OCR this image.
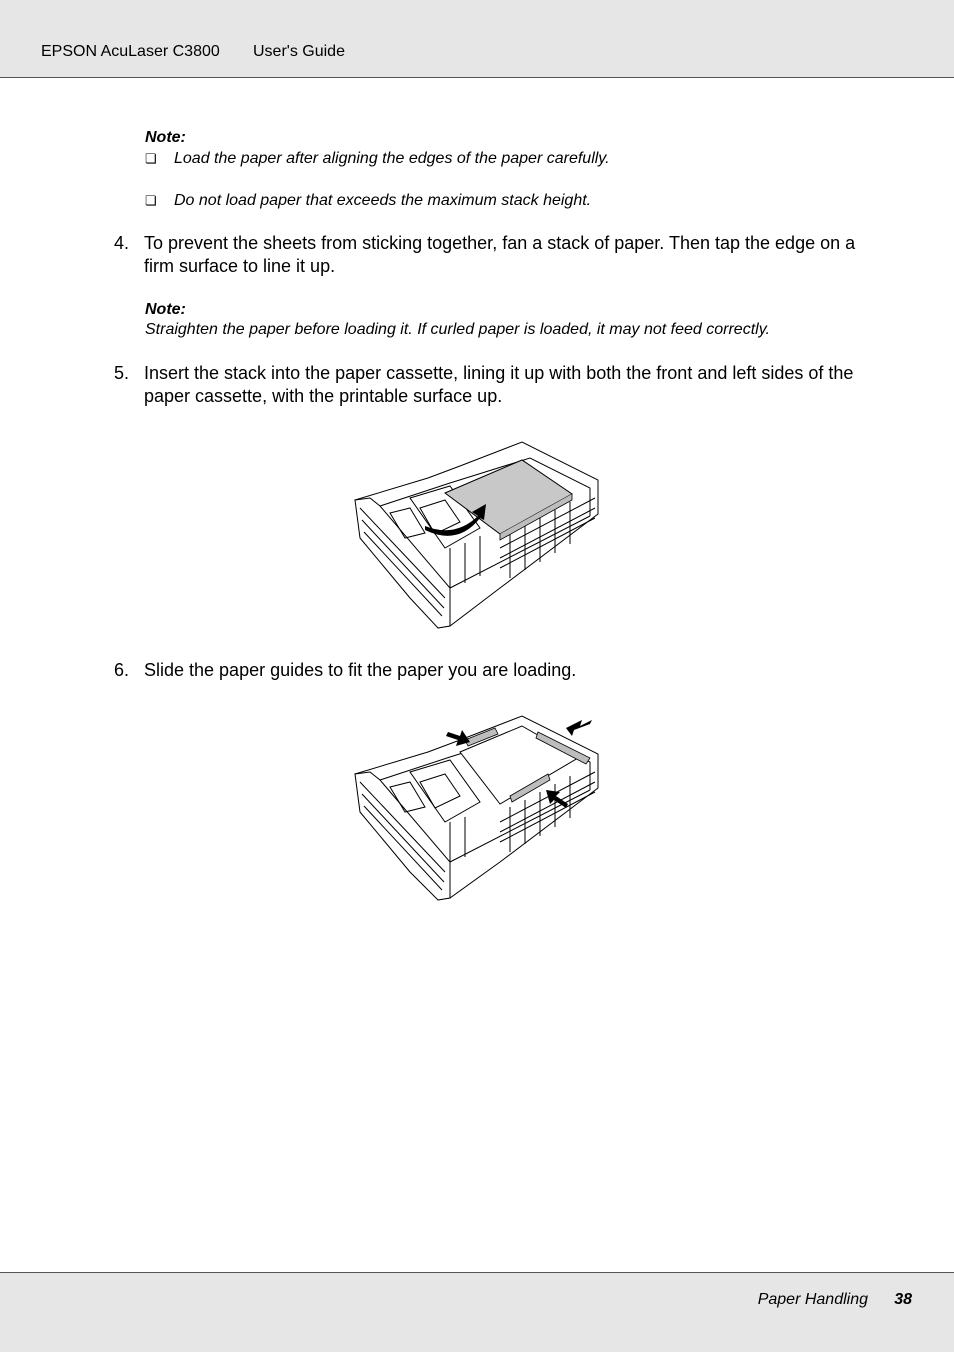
EPSON AcuLaser C3800 User's Guide
Note:
❏ Load the paper after aligning the edges of the paper carefully.
❏ Do not load paper that exceeds the maximum stack height.
4. To prevent the sheets from sticking together, fan a stack of paper. Then tap the edge on a firm surface to line it up.
Note:
Straighten the paper before loading it. If curled paper is loaded, it may not feed correctly.
5. Insert the stack into the paper cassette, lining it up with both the front and left sides of the paper cassette, with the printable surface up.
6. Slide the paper guides to fit the paper you are loading.
Paper Handling 38
